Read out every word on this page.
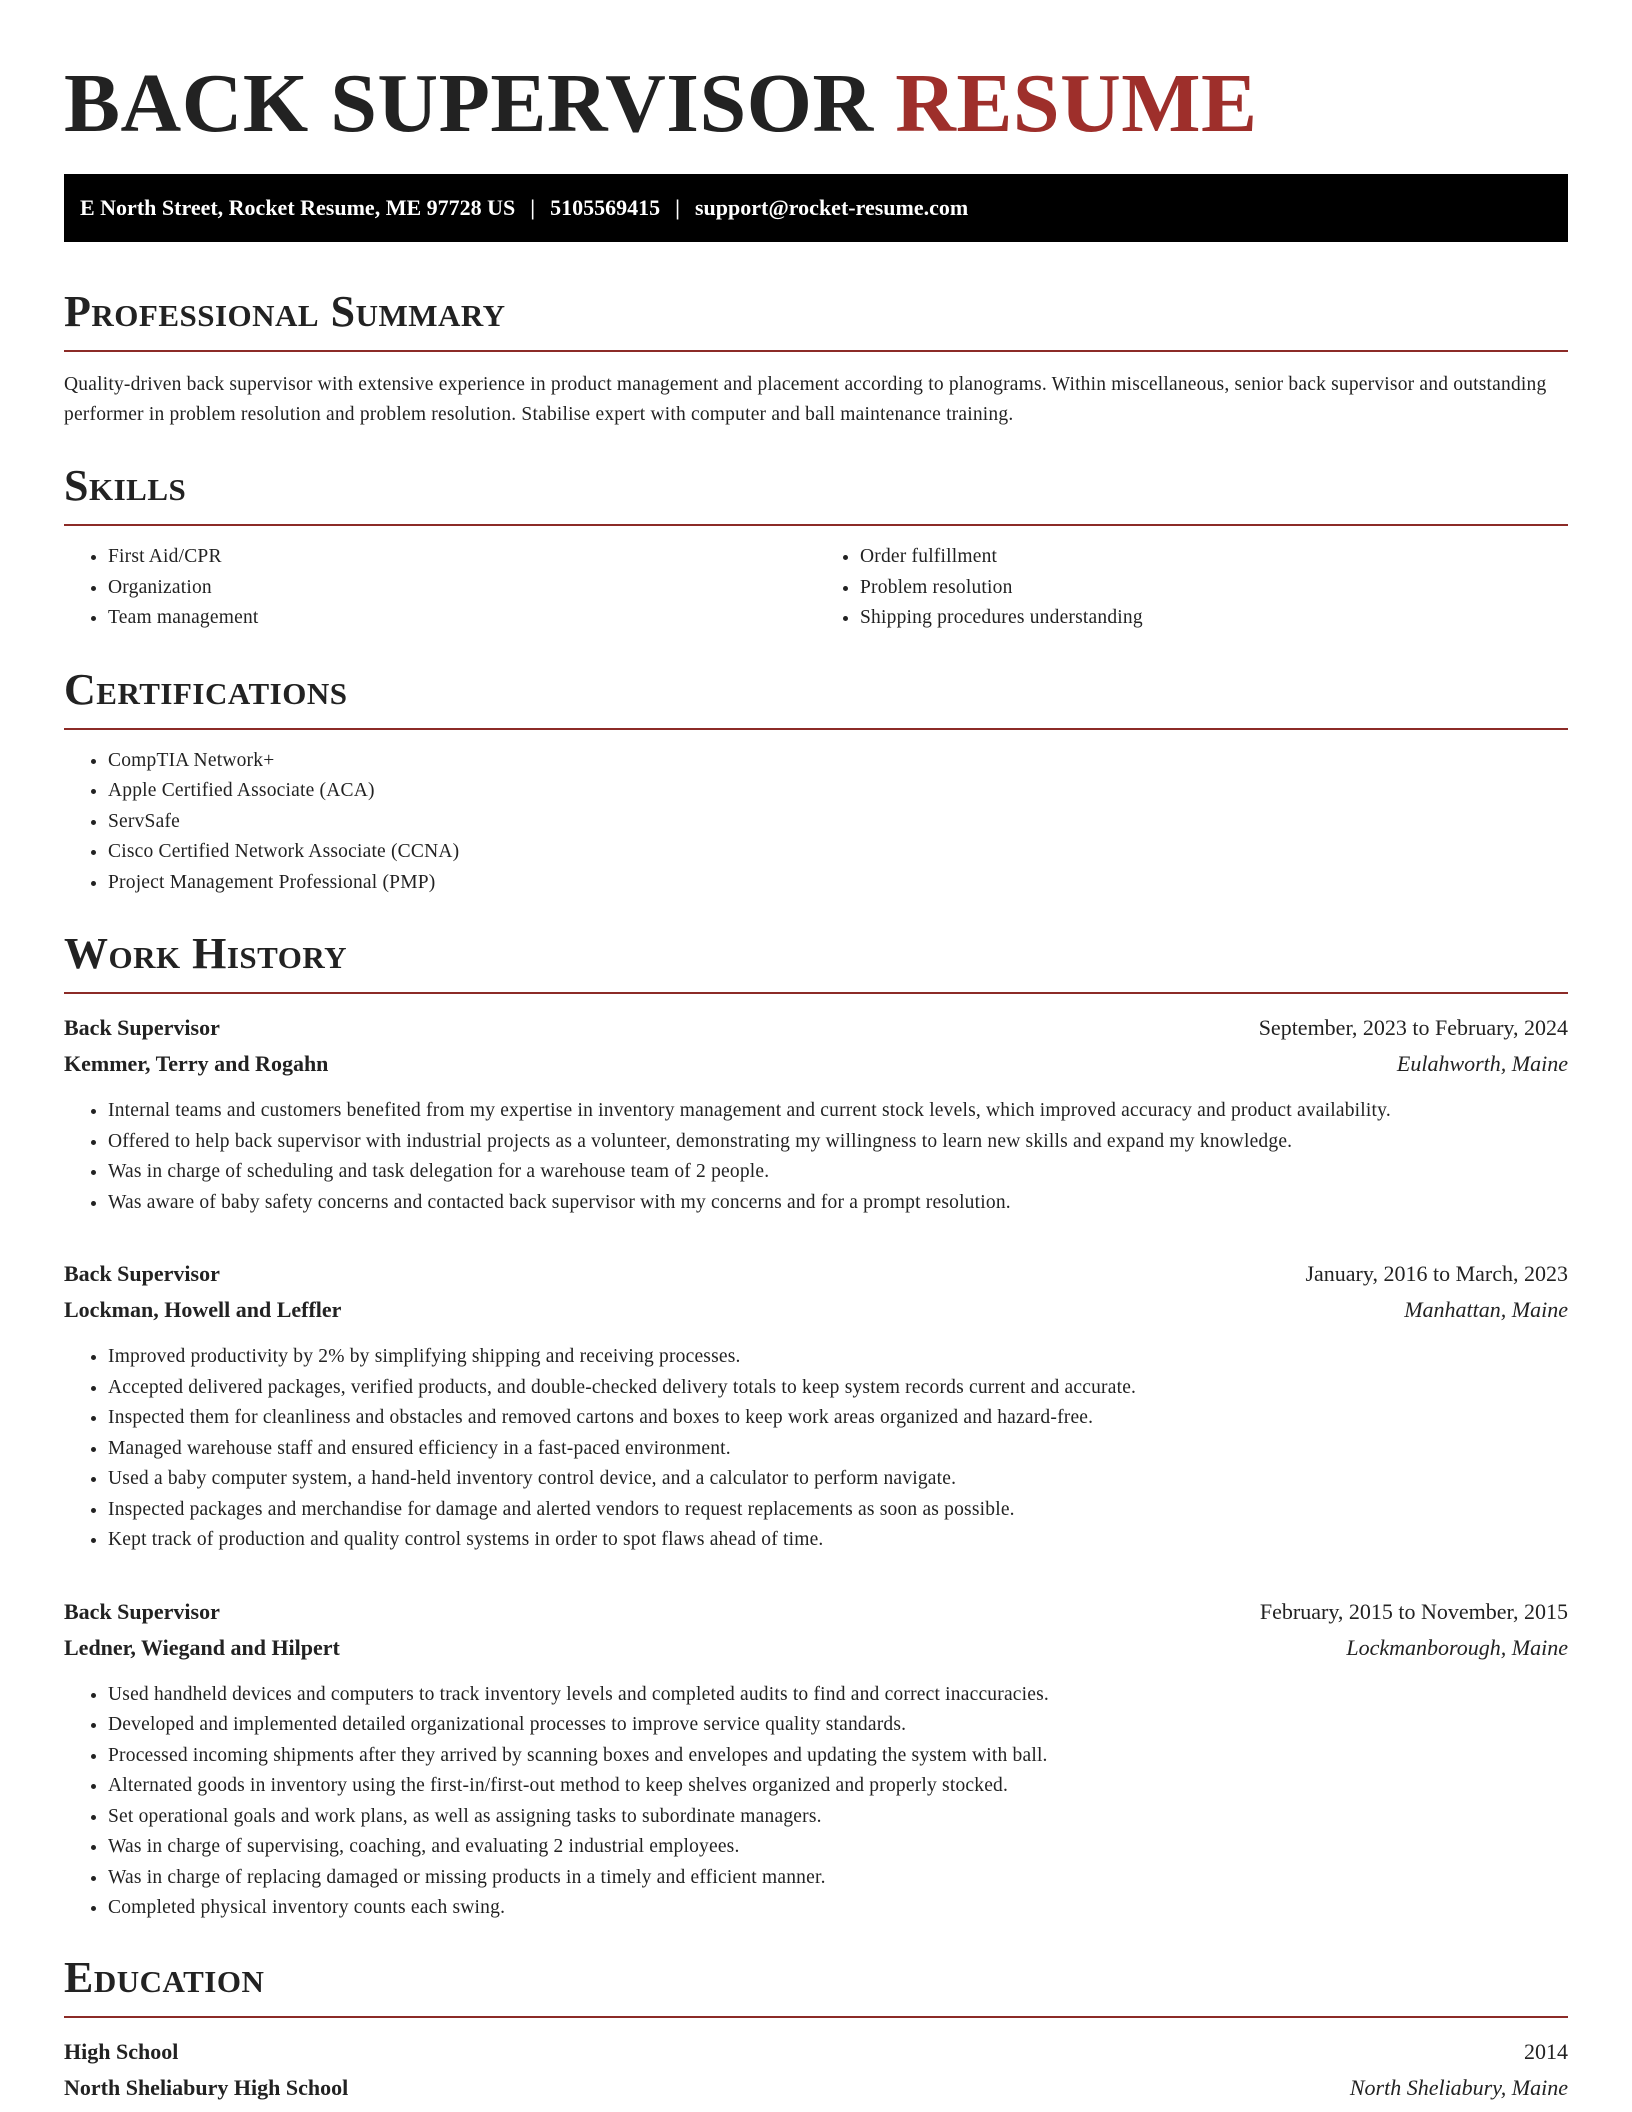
BACK SUPERVISOR RESUME
E North Street, Rocket Resume, ME 97728 US | 5105569415 | support@rocket-resume.com
Professional Summary

Quality-driven back supervisor with extensive experience in product management and placement according to planograms. Within miscellaneous, senior back supervisor and outstanding performer in problem resolution and problem resolution. Stabilise expert with computer and ball maintenance training.

Skills
• First Aid/CPR
• Organization
• Team management
• Order fulfillment
• Problem resolution
• Shipping procedures understanding
Certifications
• CompTIA Network+
• Apple Certified Associate (ACA)
• ServSafe
• Cisco Certified Network Associate (CCNA)
• Project Management Professional (PMP)
Work History
Back Supervisor	September, 2023 to February, 2024
Kemmer, Terry and Rogahn	Eulahworth, Maine
• Internal teams and customers benefited from my expertise in inventory management and current stock levels, which improved accuracy and product availability.
• Offered to help back supervisor with industrial projects as a volunteer, demonstrating my willingness to learn new skills and expand my knowledge.
• Was in charge of scheduling and task delegation for a warehouse team of 2 people.
• Was aware of baby safety concerns and contacted back supervisor with my concerns and for a prompt resolution.
Back Supervisor	January, 2016 to March, 2023
Lockman, Howell and Leffler	Manhattan, Maine
• Improved productivity by 2% by simplifying shipping and receiving processes.
• Accepted delivered packages, verified products, and double-checked delivery totals to keep system records current and accurate.
• Inspected them for cleanliness and obstacles and removed cartons and boxes to keep work areas organized and hazard-free.
• Managed warehouse staff and ensured efficiency in a fast-paced environment.
• Used a baby computer system, a hand-held inventory control device, and a calculator to perform navigate.
• Inspected packages and merchandise for damage and alerted vendors to request replacements as soon as possible.
• Kept track of production and quality control systems in order to spot flaws ahead of time.
Back Supervisor	February, 2015 to November, 2015
Ledner, Wiegand and Hilpert	Lockmanborough, Maine
• Used handheld devices and computers to track inventory levels and completed audits to find and correct inaccuracies.
• Developed and implemented detailed organizational processes to improve service quality standards.
• Processed incoming shipments after they arrived by scanning boxes and envelopes and updating the system with ball.
• Alternated goods in inventory using the first-in/first-out method to keep shelves organized and properly stocked.
• Set operational goals and work plans, as well as assigning tasks to subordinate managers.
• Was in charge of supervising, coaching, and evaluating 2 industrial employees.
• Was in charge of replacing damaged or missing products in a timely and efficient manner.
• Completed physical inventory counts each swing.
Education
High School	2014
North Sheliabury High School	North Sheliabury, Maine
